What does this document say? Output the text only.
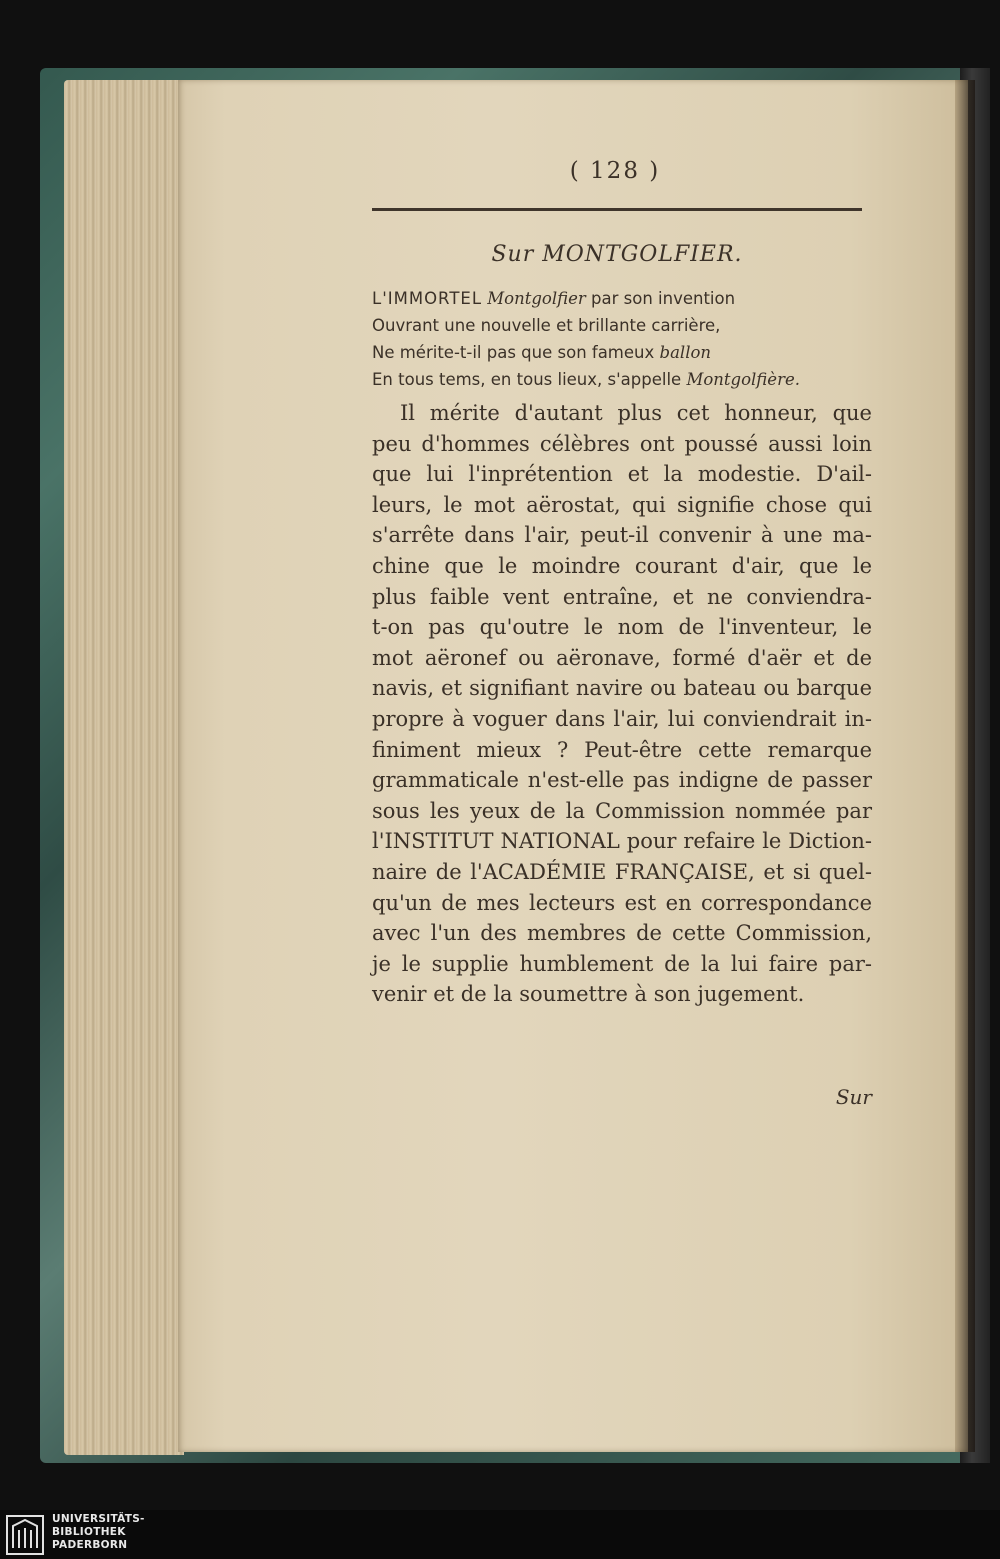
( 128 )
Sur MONTGOLFIER.
L'IMMORTEL Montgolfier par son invention
Ouvrant une nouvelle et brillante carrière,
Ne mérite-t-il pas que son fameux ballon
En tous tems, en tous lieux, s'appelle Montgolfière.
Il mérite d'autant plus cet honneur, que
peu d'hommes célèbres ont poussé aussi loin
que lui l'inprétention et la modestie. D'ail-
leurs, le mot aërostat, qui signifie chose qui
s'arrête dans l'air, peut-il convenir à une ma-
chine que le moindre courant d'air, que le
plus faible vent entraîne, et ne conviendra-
t-on pas qu'outre le nom de l'inventeur, le
mot aëronef ou aëronave, formé d'aër et de
navis, et signifiant navire ou bateau ou barque
propre à voguer dans l'air, lui conviendrait in-
finiment mieux ? Peut-être cette remarque
grammaticale n'est-elle pas indigne de passer
sous les yeux de la Commission nommée par
l'INSTITUT NATIONAL pour refaire le Diction-
naire de l'ACADÉMIE FRANÇAISE, et si quel-
qu'un de mes lecteurs est en correspondance
avec l'un des membres de cette Commission,
je le supplie humblement de la lui faire par-
venir et de la soumettre à son jugement.
Sur
UNIVERSITÄTS-
BIBLIOTHEK
PADERBORN
